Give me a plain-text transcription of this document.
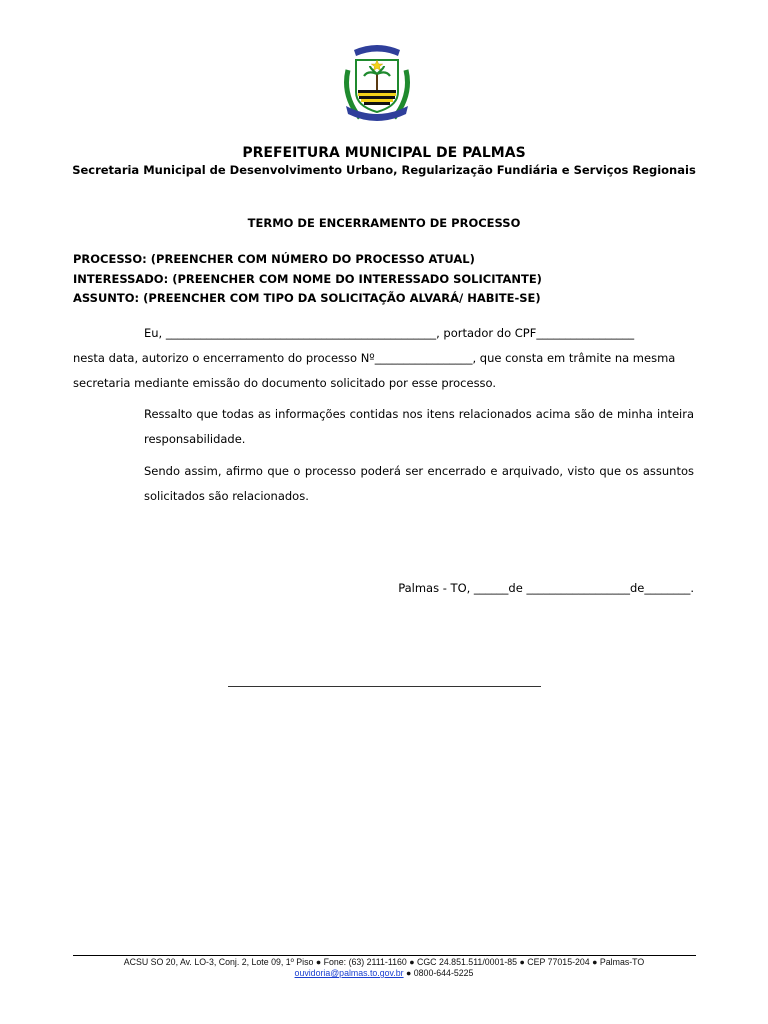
PREFEITURA MUNICIPAL DE PALMAS
Secretaria Municipal de Desenvolvimento Urbano, Regularização Fundiária e Serviços Regionais
TERMO DE ENCERRAMENTO DE PROCESSO
PROCESSO: (PREENCHER COM NÚMERO DO PROCESSO ATUAL)
INTERESSADO: (PREENCHER COM NOME DO INTERESSADO SOLICITANTE)
ASSUNTO: (PREENCHER COM TIPO DA SOLICITAÇÃO ALVARÁ/ HABITE-SE)
Eu, _______________________________________________, portador do CPF_________________
nesta data, autorizo o encerramento do processo Nº_________________, que consta em trâmite na mesma
secretaria mediante emissão do documento solicitado por esse processo.
Ressalto que todas as informações contidas nos itens relacionados acima são de minha inteira responsabilidade.
Sendo assim, afirmo que o processo poderá ser encerrado e arquivado, visto que os assuntos solicitados são relacionados.
Palmas - TO, ______de __________________de________.
ACSU SO 20, Av. LO-3, Conj. 2, Lote 09, 1º Piso ● Fone: (63) 2111-1160 ● CGC 24.851.511/0001-85 ● CEP 77015-204 ● Palmas-TO
ouvidoria@palmas.to.gov.br ● 0800-644-5225
